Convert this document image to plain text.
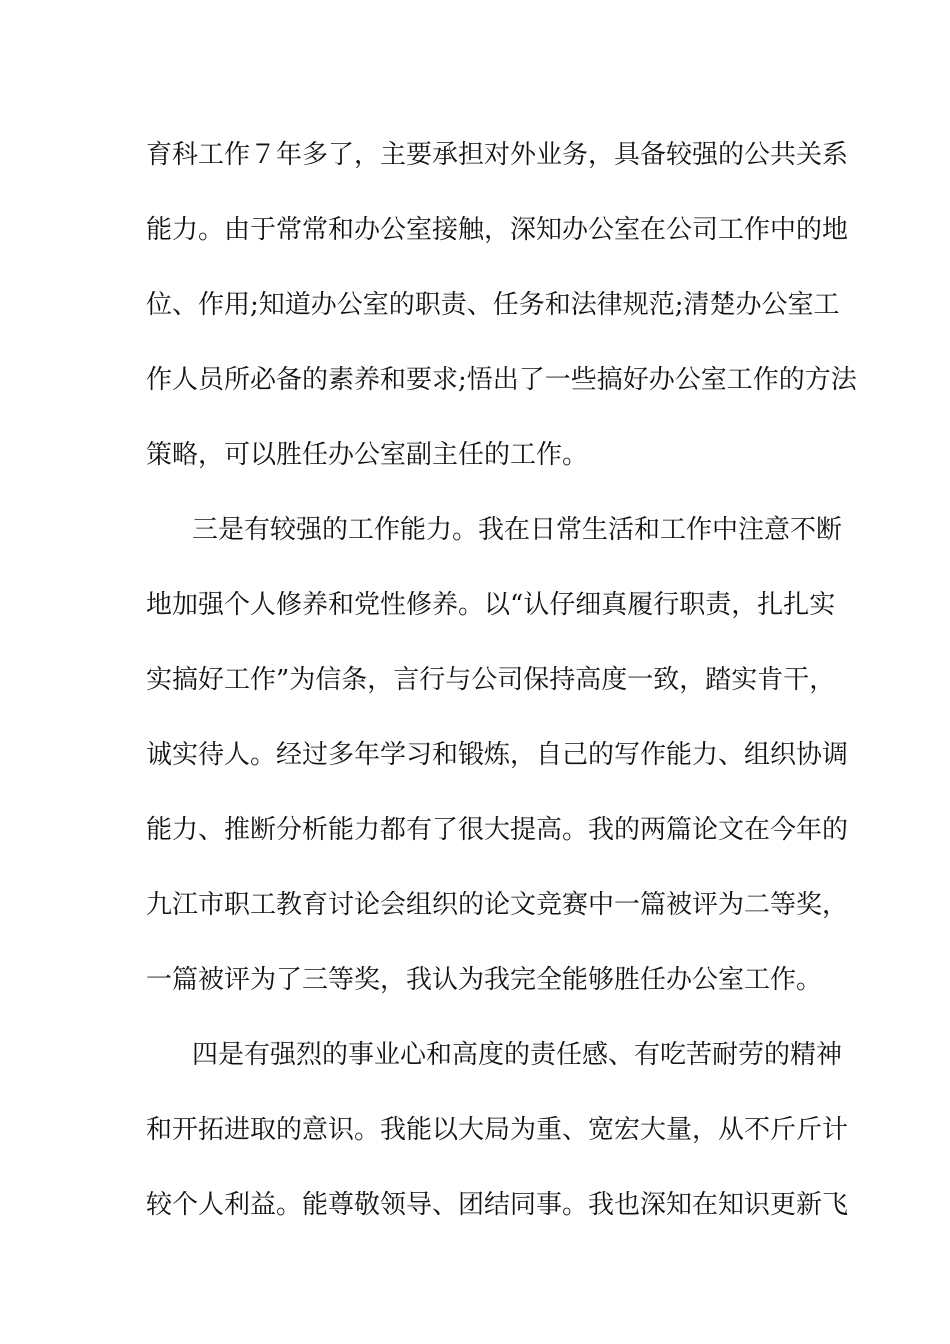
育科工作７年多了，主要承担对外业务，具备较强的公共关系
能力。由于常常和办公室接触，深知办公室在公司工作中的地
位、作用;知道办公室的职责、任务和法律规范;清楚办公室工
作人员所必备的素养和要求;悟出了一些搞好办公室工作的方法
策略，可以胜任办公室副主任的工作。
三是有较强的工作能力。我在日常生活和工作中注意不断
地加强个人修养和党性修养。以“认仔细真履行职责，扎扎实
实搞好工作”为信条，言行与公司保持高度一致，踏实肯干，
诚实待人。经过多年学习和锻炼，自己的写作能力、组织协调
能力、推断分析能力都有了很大提高。我的两篇论文在今年的
九江市职工教育讨论会组织的论文竞赛中一篇被评为二等奖，
一篇被评为了三等奖，我认为我完全能够胜任办公室工作。
四是有强烈的事业心和高度的责任感、有吃苦耐劳的精神
和开拓进取的意识。我能以大局为重、宽宏大量，从不斤斤计
较个人利益。能尊敬领导、团结同事。我也深知在知识更新飞
